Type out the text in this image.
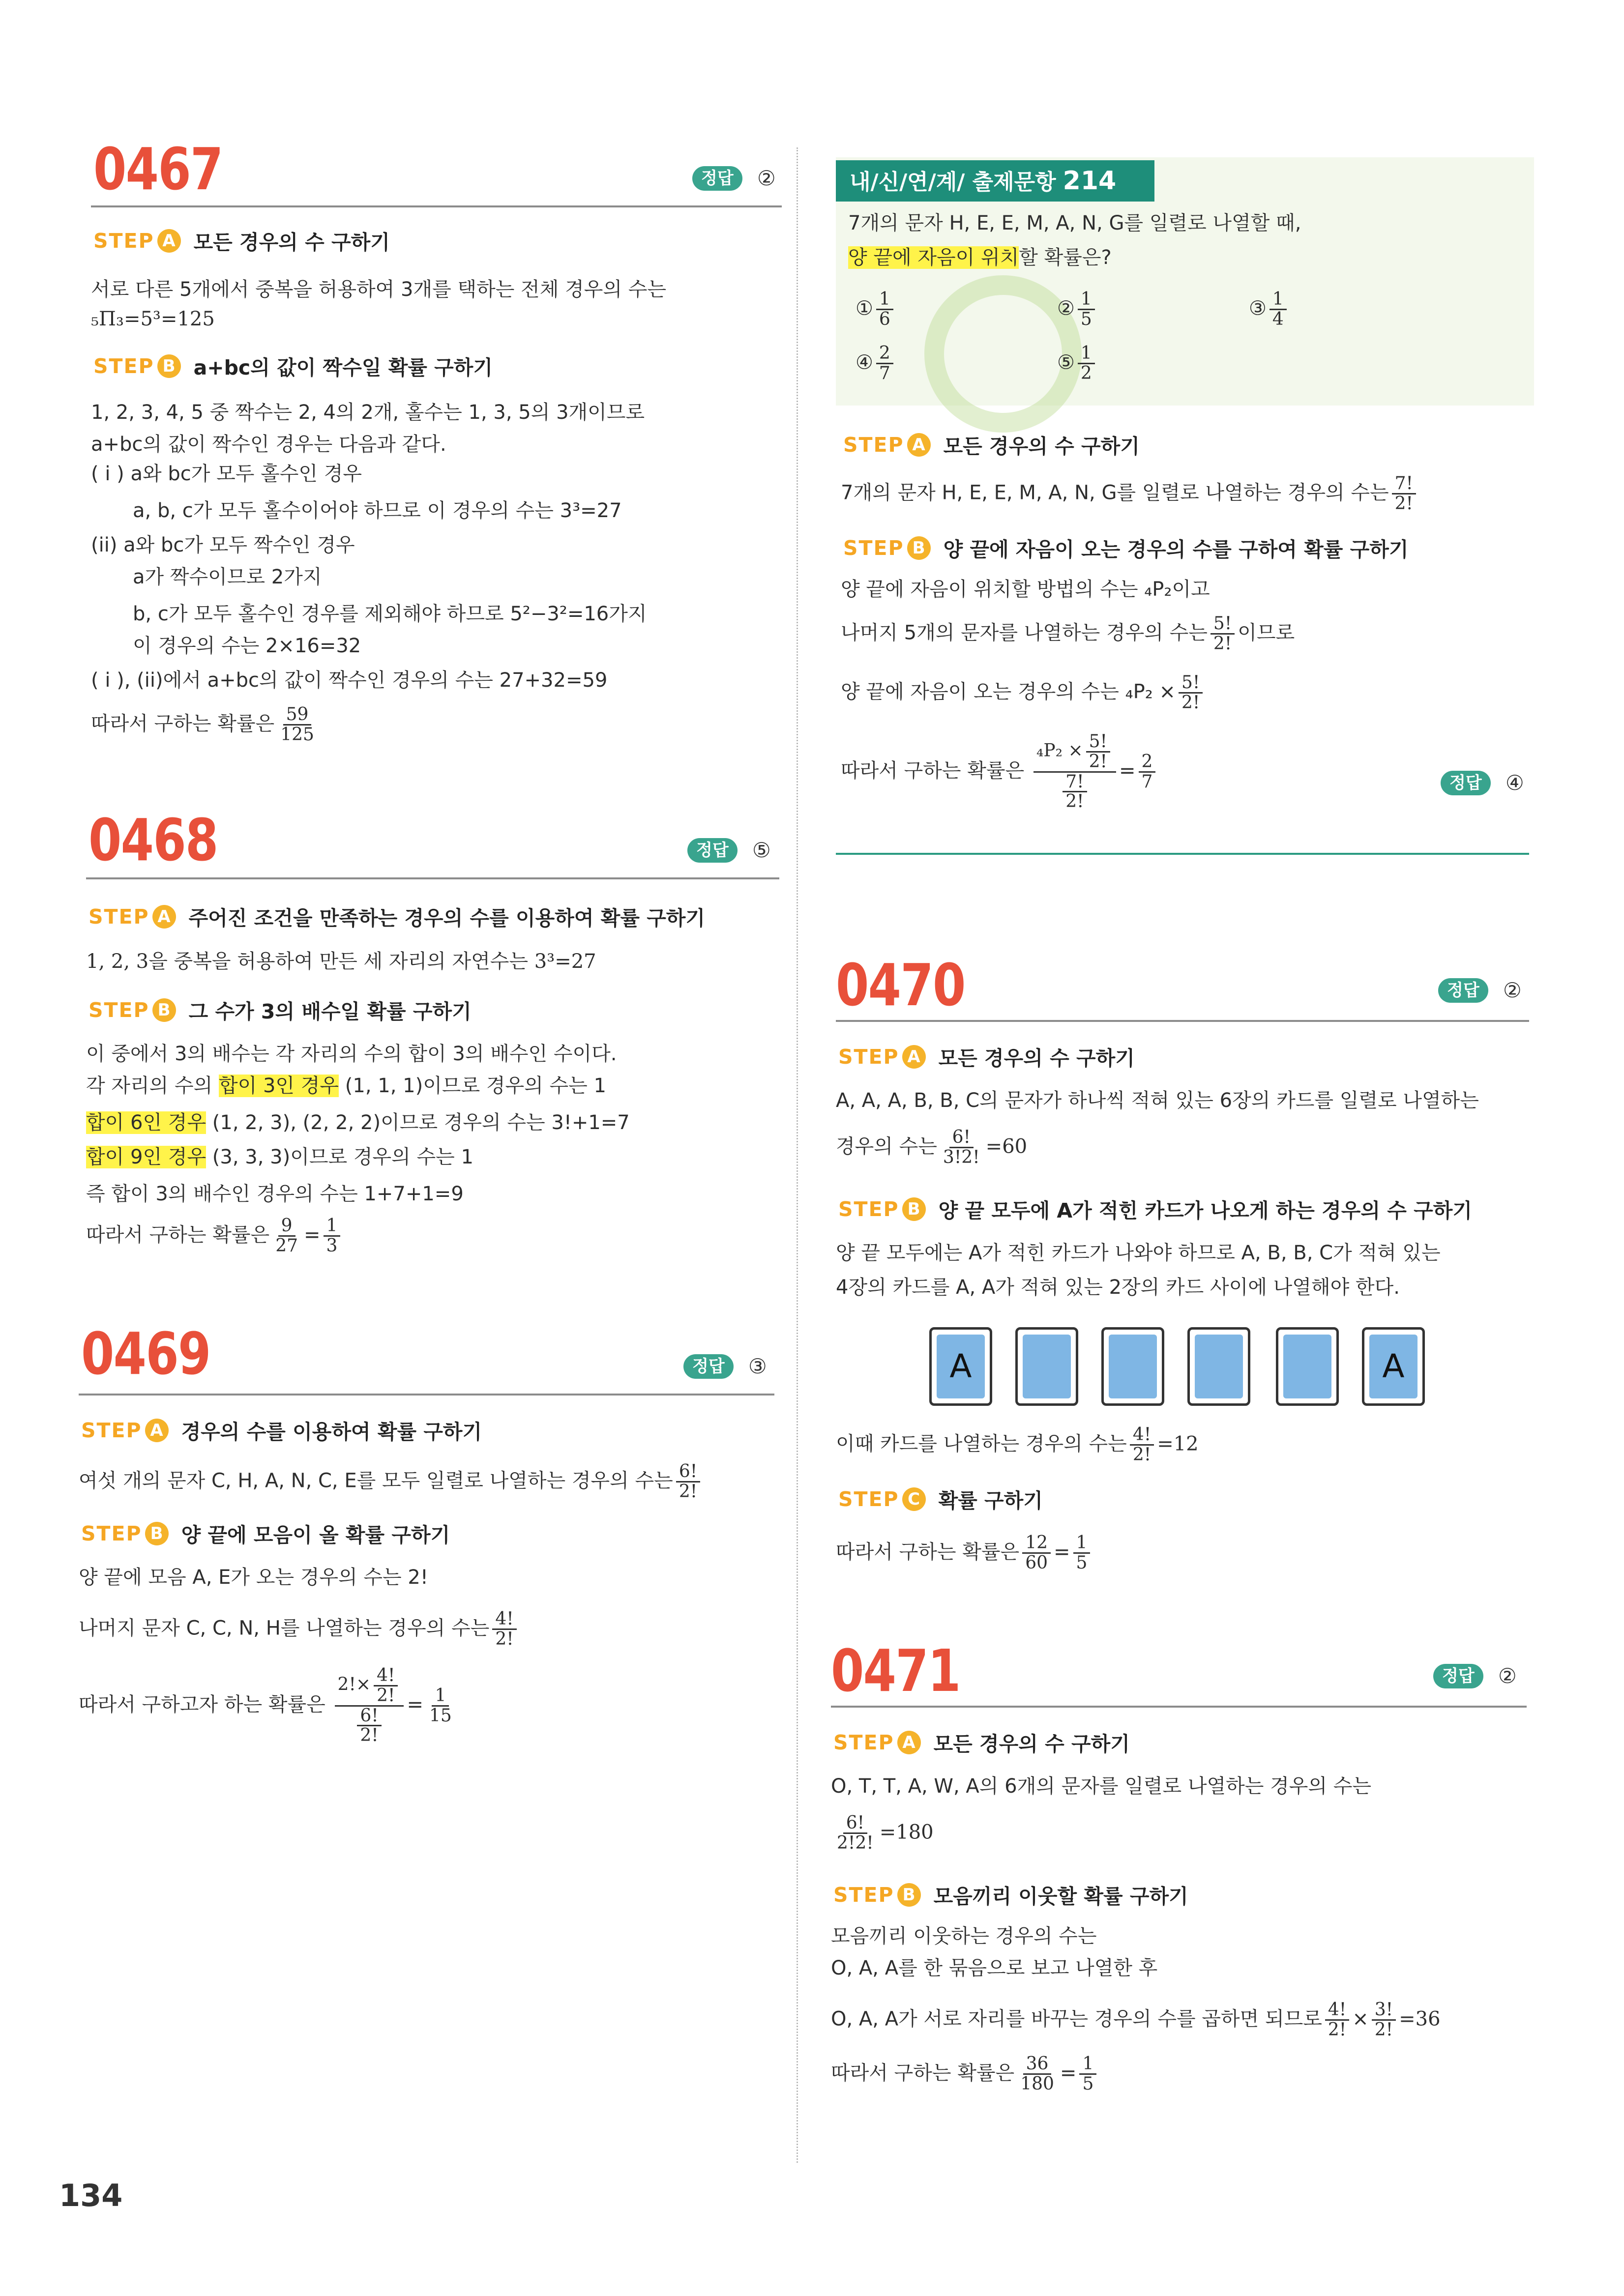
0467	정답	②
STEP A 모든 경우의 수 구하기
서로 다른 5개에서 중복을 허용하여 3개를 택하는 전체 경우의 수는
₅Π₃=5³=125
STEP B a+bc의 값이 짝수일 확률 구하기
1, 2, 3, 4, 5 중 짝수는 2, 4의 2개, 홀수는 1, 3, 5의 3개이므로
a+bc의 값이 짝수인 경우는 다음과 같다.
( i ) a와 bc가 모두 홀수인 경우
a, b, c가 모두 홀수이어야 하므로 이 경우의 수는 3³=27
(ii) a와 bc가 모두 짝수인 경우
a가 짝수이므로 2가지
b, c가 모두 홀수인 경우를 제외해야 하므로 5²−3²=16가지
이 경우의 수는 2×16=32
( i ), (ii)에서 a+bc의 값이 짝수인 경우의 수는 27+32=59
따라서 구하는 확률은 $\frac{59}{125}$
0468	정답	⑤
STEP A 주어진 조건을 만족하는 경우의 수를 이용하여 확률 구하기
1, 2, 3을 중복을 허용하여 만든 세 자리의 자연수는 3³=27
STEP B 그 수가 3의 배수일 확률 구하기
이 중에서 3의 배수는 각 자리의 수의 합이 3의 배수인 수이다.
각 자리의 수의 합이 3인 경우 (1, 1, 1)이므로 경우의 수는 1
합이 6인 경우 (1, 2, 3), (2, 2, 2)이므로 경우의 수는 3!+1=7
합이 9인 경우 (3, 3, 3)이므로 경우의 수는 1
즉 합이 3의 배수인 경우의 수는 1+7+1=9
따라서 구하는 확률은 $\frac{9}{27} = \frac{1}{3}$
0469	정답	③
STEP A 경우의 수를 이용하여 확률 구하기
여섯 개의 문자 C, H, A, N, C, E를 모두 일렬로 나열하는 경우의 수는 $\frac{6!}{2!}$
STEP B 양 끝에 모음이 올 확률 구하기
양 끝에 모음 A, E가 오는 경우의 수는 2!
나머지 문자 C, C, N, H를 나열하는 경우의 수는 $\frac{4!}{2!}$
따라서 구하고자 하는 확률은 $\frac{2!\times \frac{4!}{2!}}{\frac{6!}{2!}} = \frac{1}{15}$
134
내/신/연/계/ 출제문항 214
7개의 문자 H, E, E, M, A, N, G를 일렬로 나열할 때,
양 끝에 자음이 위치할 확률은?
① $\frac{1}{6}$	② $\frac{1}{5}$	③ $\frac{1}{4}$
④ $\frac{2}{7}$	⑤ $\frac{1}{2}$
STEP A 모든 경우의 수 구하기
7개의 문자 H, E, E, M, A, N, G를 일렬로 나열하는 경우의 수는 $\frac{7!}{2!}$
STEP B 양 끝에 자음이 오는 경우의 수를 구하여 확률 구하기
양 끝에 자음이 위치할 방법의 수는 ₄P₂이고
나머지 5개의 문자를 나열하는 경우의 수는 $\frac{5!}{2!}$ 이므로
양 끝에 자음이 오는 경우의 수는 $_4P_2 \times \frac{5!}{2!}$
따라서 구하는 확률은 $\frac{_4P_2 \times \frac{5!}{2!}}{\frac{7!}{2!}} = \frac{2}{7}$	정답	④
0470	정답	②
STEP A 모든 경우의 수 구하기
A, A, A, B, B, C의 문자가 하나씩 적혀 있는 6장의 카드를 일렬로 나열하는
경우의 수는 $\frac{6!}{3!2!} =60$
STEP B 양 끝 모두에 A가 적힌 카드가 나오게 하는 경우의 수 구하기
양 끝 모두에는 A가 적힌 카드가 나와야 하므로 A, B, B, C가 적혀 있는
4장의 카드를 A, A가 적혀 있는 2장의 카드 사이에 나열해야 한다.
A	A
이때 카드를 나열하는 경우의 수는 $\frac{4!}{2!} =12$
STEP C 확률 구하기
따라서 구하는 확률은 $\frac{12}{60} = \frac{1}{5}$
0471	정답	②
STEP A 모든 경우의 수 구하기
O, T, T, A, W, A의 6개의 문자를 일렬로 나열하는 경우의 수는
$\frac{6!}{2!2!} =180$
STEP B 모음끼리 이웃할 확률 구하기
모음끼리 이웃하는 경우의 수는
O, A, A를 한 묶음으로 보고 나열한 후
O, A, A가 서로 자리를 바꾸는 경우의 수를 곱하면 되므로 $\frac{4!}{2!} \times \frac{3!}{2!} =36$
따라서 구하는 확률은 $\frac{36}{180} = \frac{1}{5}$
